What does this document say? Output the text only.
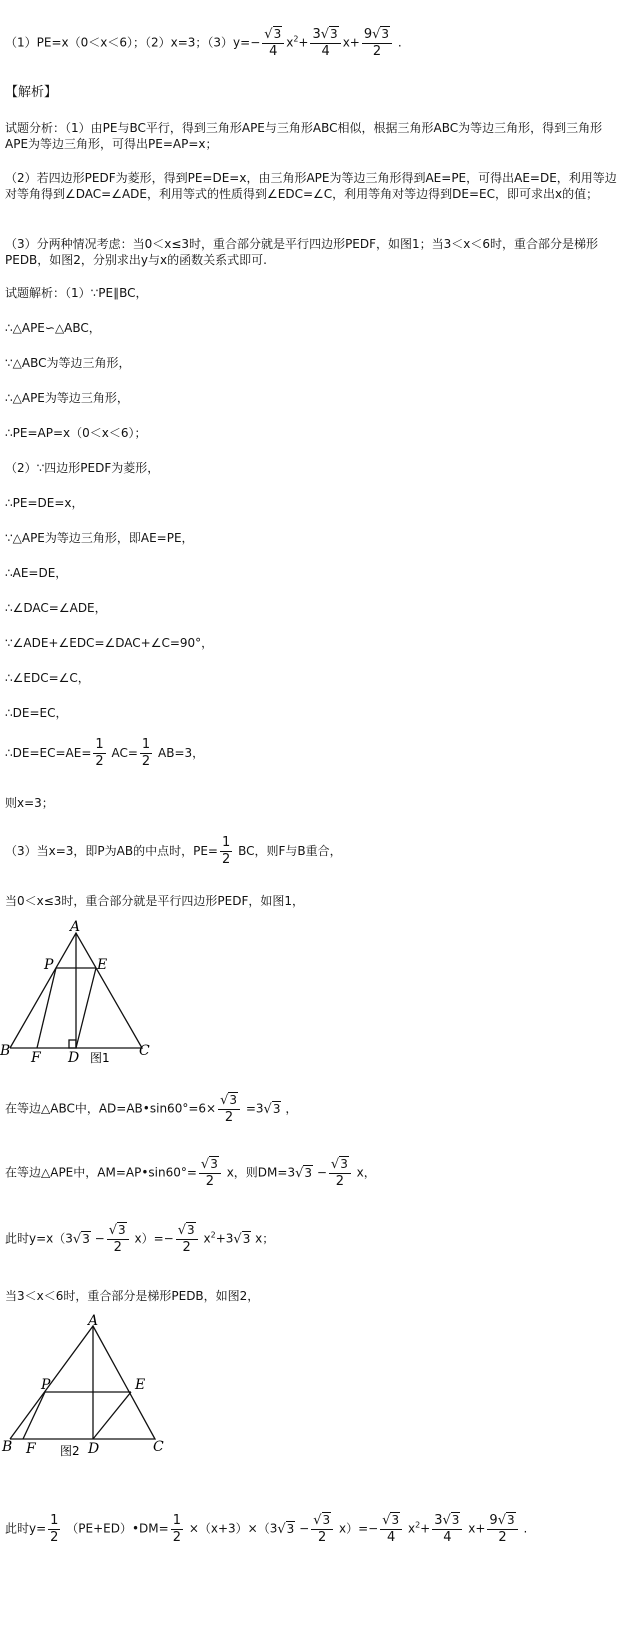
（1）PE=x（0＜x＜6）；（2）x=3；$(3)y=- \frac{√3}{4} x^2+ \frac{3√3}{4} x+ \frac{9√3}{2}$ .
【解析】
试题分析：（1）由PE与BC平行，得到三角形APE与三角形ABC相似，根据三角形ABC为等边三角形，得到三角形APE为等边三角形，可得出PE=AP=x；
（2）若四边形PEDF为菱形，得到PE=DE=x，由三角形APE为等边三角形得到AE=PE，可得出AE=DE，利用等边对等角得到∠DAC=∠ADE，利用等式的性质得到∠EDC=∠C，利用等角对等边得到DE=EC，即可求出x的值；
（3）分两种情况考虑：当0＜x≤3时，重合部分就是平行四边形PEDF，如图1；当3＜x＜6时，重合部分是梯形PEDB，如图2，分别求出y与x的函数关系式即可.
试题解析：（1）∵PE∥BC，
∴△APE∽△ABC，
∵△ABC为等边三角形，
∴△APE为等边三角形，
∴PE=AP=x（0＜x＜6）；
（2）∵四边形PEDF为菱形，
∴PE=DE=x，
∵△APE为等边三角形，即AE=PE，
∴AE=DE，
∴∠DAC=∠ADE，
∵∠ADE+∠EDC=∠DAC+∠C=90°，
∴∠EDC=∠C，
∴DE=EC，
∴DE=EC=AE= $\frac{1}{2} AC= \frac{1}{2} AB=3$，
则x=3；
（3）当x=3，即P为AB的中点时，$PE= \frac{1}{2}$ BC，则F与B重合，
当0＜x≤3时，重合部分就是平行四边形PEDF，如图1，
A
P	E
B F D	C
图1
在等边△ABC中，AD=AB•sin60°=6× $\frac{√3}{2} =3√3$ ，
在等边△APE中，AM=AP•sin60°= $\frac{√3}{2}$ x，则$DM=3√3 - \frac{√3}{2}$ x，
此时$y=x(3√3 - \frac{√3}{2} x)=- \frac{√3}{2} x^2+3√3$ x；
当3＜x＜6时，重合部分是梯形PEDB，如图2，
A
P	E
B F	D	C
图2
此时$y= \frac{1}{2}$ （PE+ED）•DM= $\frac{1}{2} \times(x+3)\times(3√3 - \frac{√3}{2} x)=- \frac{√3}{4} x^2+ \frac{3√3}{4} x+ \frac{9√3}{2}$ .
